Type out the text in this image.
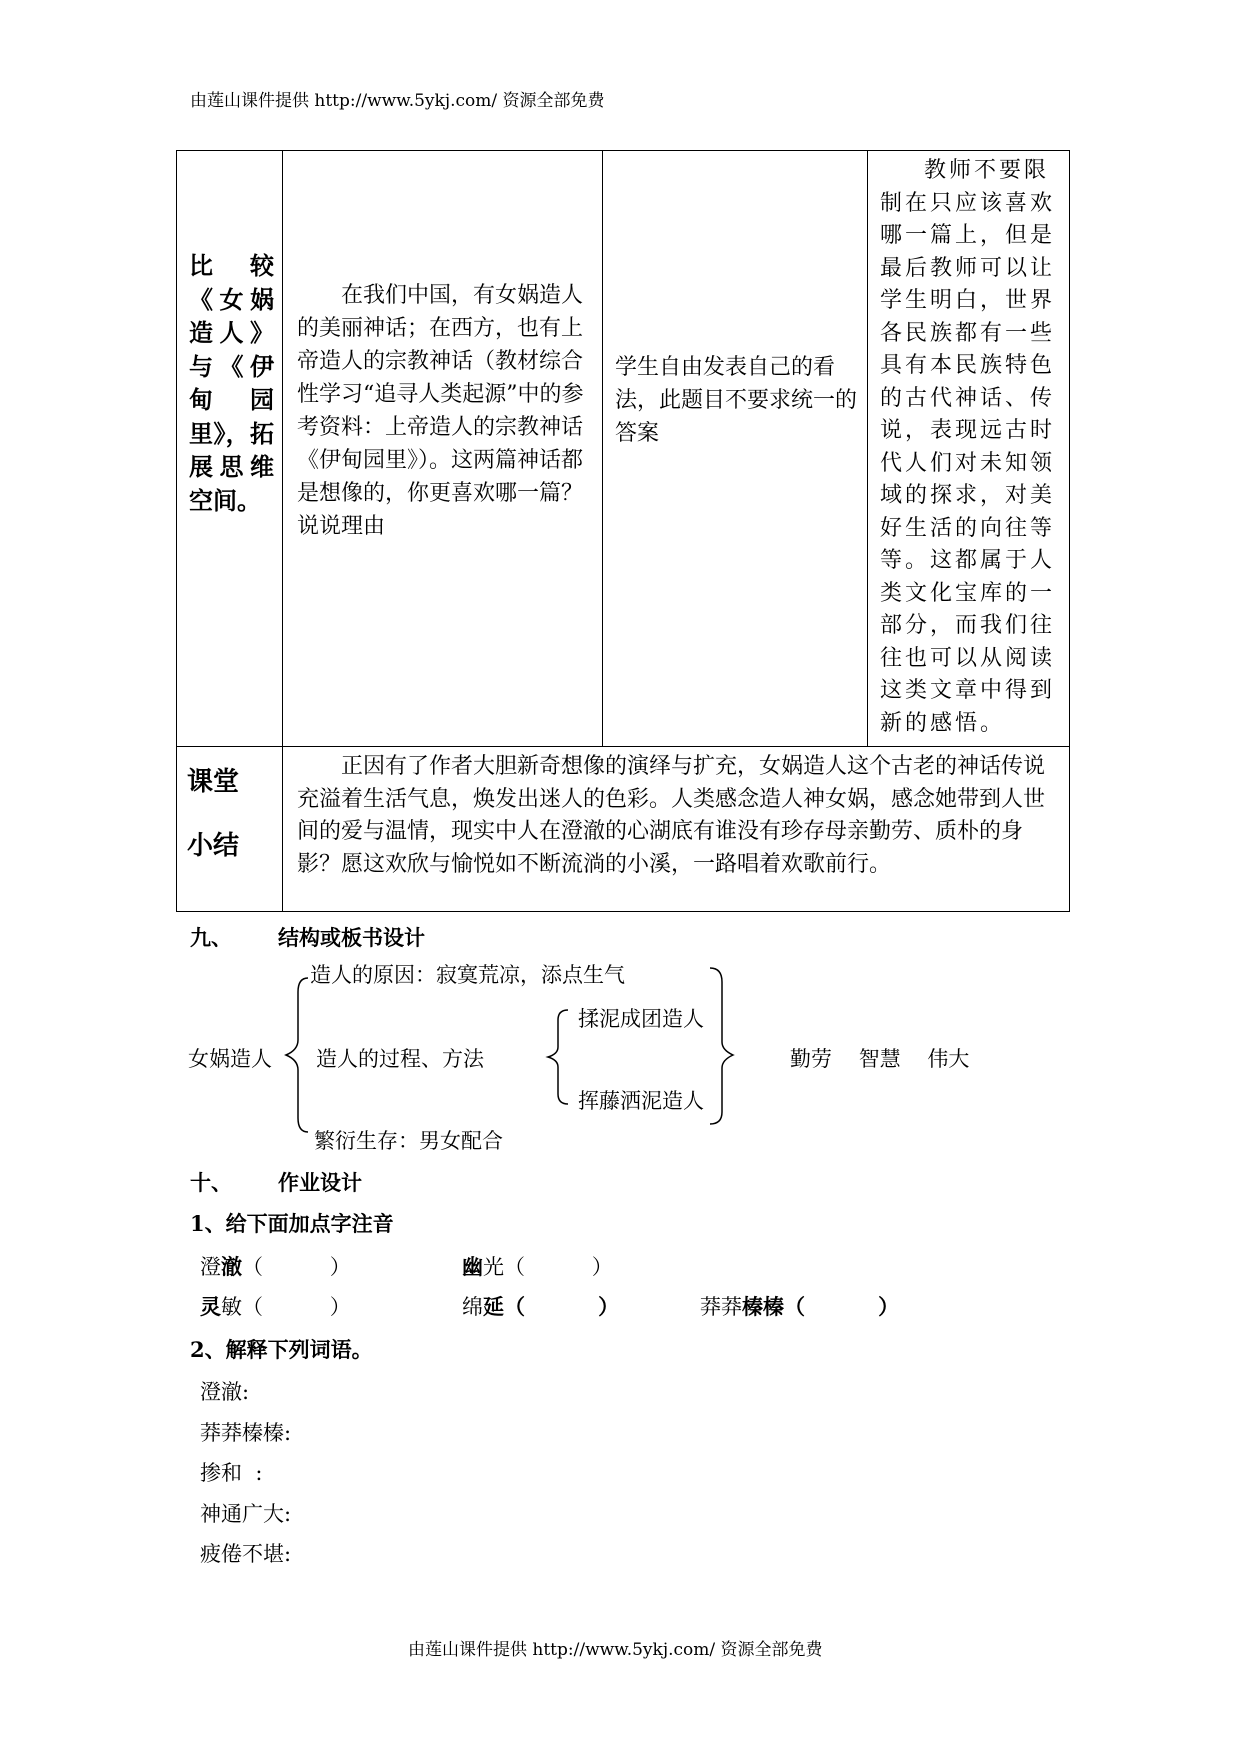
由莲山课件提供 http://www.5ykj.com/ 资源全部免费
比较《女娲造人》与《伊甸园里》，拓展思维空间。	在我们中国，有女娲造人的美丽神话；在西方，也有上帝造人的宗教神话（教材综合性学习“追寻人类起源”中的参考资料：上帝造人的宗教神话《伊甸园里》）。这两篇神话都是想像的，你更喜欢哪一篇？说说理由	学生自由发表自己的看法，此题目不要求统一的答案	教师不要限制在只应该喜欢哪一篇上，但是最后教师可以让学生明白，世界各民族都有一些具有本民族特色的古代神话、传说，表现远古时代人们对未知领域的探求，对美好生活的向往等等。这都属于人类文化宝库的一部分，而我们往往也可以从阅读这类文章中得到新的感悟。

课堂
小结	正因有了作者大胆新奇想像的演绎与扩充，女娲造人这个古老的神话传说充溢着生活气息，焕发出迷人的色彩。人类感念造人神女娲，感念她带到人世间的爱与温情，现实中人在澄澈的心湖底有谁没有珍存母亲勤劳、质朴的身影？愿这欢欣与愉悦如不断流淌的小溪，一路唱着欢歌前行。		
九、 结构或板书设计
女娲造人
造人的原因：寂寞荒凉，添点生气
造人的过程、方法
揉泥成团造人
挥藤洒泥造人
繁衍生存：男女配合
勤劳    智慧    伟大
十、 作业设计
1、给下面加点字注音
澄澈（          ）	幽光（          ）
灵敏（          ）	绵延（          ）	莽莽榛榛（          ）
2、解释下列词语。
澄澈:
莽莽榛榛:
掺和  :
神通广大:
疲倦不堪:
由莲山课件提供 http://www.5ykj.com/ 资源全部免费
